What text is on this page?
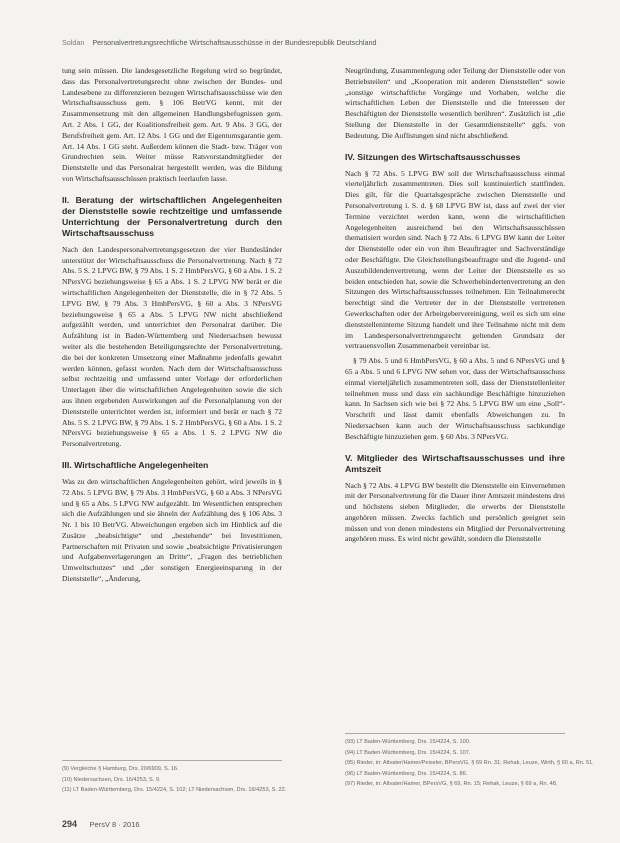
Soldan Personalvertretungsrechtliche Wirtschaftsausschüsse in der Bundesrepublik Deutschland

tung sein müssen. Die landesgesetzliche Regelung wird so begründet, dass das Personalvertretungsrecht ohne zwischen der Bundes- und Landesebene zu differenzieren bezogen Wirtschaftsausschüsse wie den Wirtschaftsausschuss gem. § 106 BetrVG kennt, mit der Zusammensetzung mit den allgemeinen Handlungsbefugnissen gem. Art. 2 Abs. 1 GG, der Koalitionsfreiheit gem. Art. 9 Abs. 3 GG, der Berufsfreiheit gem. Art. 12 Abs. 1 GG und der Eigentumsgarantie gem. Art. 14 Abs. 1 GG steht. Außerdem können die Stadt- bzw. Träger von Grundrechten sein. Weiter müsse Ratsvorstandmitglieder der Dienststelle und das Personalrat hergestellt werden, was die Bildung von Wirtschaftsausschüssen praktisch leerlaufen lasse.

II. Beratung der wirtschaftlichen Angelegenheiten der Dienststelle sowie rechtzeitige und umfassende Unterrichtung der Personalvertretung durch den Wirtschaftsausschuss

Nach den Landespersonalvertretungsgesetzen der vier Bundesländer unterstützt der Wirtschaftsausschuss die Personalvertretung. Nach § 72 Abs. 5 S. 2 LPVG BW, § 79 Abs. 1 S. 2 HmbPersVG, § 60 a Abs. 1 S. 2 NPersVG beziehungsweise § 65 a Abs. 1 S. 2 LPVG NW berät er die wirtschaftlichen Angelegenheiten der Dienststelle, die in § 72 Abs. 5 LPVG BW, § 79 Abs. 3 HmbPersVG, § 60 a Abs. 3 NPersVG beziehungsweise § 65 a Abs. 5 LPVG NW nicht abschließend aufgezählt werden, und unterrichtet den Personalrat darüber. Die Aufzählung ist in Baden-Württemberg und Niedersachsen bewusst weiter als die bestehenden Beteiligungsrechte der Personalvertretung, die bei der konkreten Umsetzung einer Maßnahme jedenfalls gewahrt werden können, gefasst worden. Nach dem der Wirtschaftsausschuss selbst rechtzeitig und umfassend unter Vorlage der erforderlichen Unterlagen über die wirtschaftlichen Angelegenheiten sowie die sich aus ihnen ergebenden Auswirkungen auf die Personalplanung von der Dienststelle unterrichtet werden ist, informiert und berät er nach § 72 Abs. 5 S. 2 LPVG BW, § 79 Abs. 1 S. 2 HmbPersVG, § 60 a Abs. 1 S. 2 NPersVG beziehungsweise § 65 a Abs. 1 S. 2 LPVG NW die Personalvertretung.

III. Wirtschaftliche Angelegenheiten

Was zu den wirtschaftlichen Angelegenheiten gehört, wird jeweils in § 72 Abs. 5 LPVG BW, § 79 Abs. 3 HmbPersVG, § 60 a Abs. 3 NPersVG und § 65 a Abs. 5 LPVG NW aufgezählt. Im Wesentlichen entsprechen sich die Aufzählungen und sie ähneln der Aufzählung des § 106 Abs. 3 Nr. 1 bis 10 BetrVG. Abweichungen ergeben sich im Hinblick auf die Zusätze „beabsichtigte“ und „bestehende“ bei Investitionen, Partnerschaften mit Privaten und sowie „beabsichtigte Privatisierungen und Aufgabenverlagerungen an Dritte“, „Fragen des betrieblichen Umweltschutzes“ und „der sonstigen Energieeinsparung in der Dienststelle“, „Änderung,

(9) Vergleiche § Hamburg, Drs. 20/6909, S. 16.
(10) Niedersachsen, Drs. 16/4253, S. 9.
(11) LT Baden-Württemberg, Drs. 15/4224, S. 102; LT Niedersachsen, Drs. 16/4253, S. 22.

Neugründung, Zusammenlegung oder Teilung der Dienststelle oder von Betriebsteilen“ und „Kooperation mit anderen Dienststellen“ sowie „sonstige wirtschaftliche Vorgänge und Vorhaben, welche die wirtschaftlichen Leben der Dienststelle und die Interessen der Beschäftigten der Dienststelle wesentlich berühren“. Zusätzlich ist „die Stellung der Dienststelle in der Gesamtdienststelle“ ggfs. von Bedeutung. Die Auflistungen sind nicht abschließend.

IV. Sitzungen des Wirtschaftsausschusses

Nach § 72 Abs. 5 LPVG BW soll der Wirtschaftsausschuss einmal vierteljährlich zusammentreten. Dies soll kontinuierlich stattfinden. Dies gilt, für die Quartalsgespräche zwischen Dienststelle und Personalvertretung i. S. d. § 68 LPVG BW ist, dass auf zwei der vier Termine verzichtet werden kann, wenn die wirtschaftlichen Angelegenheiten ausreichend bei den Wirtschaftsausschüssen thematisiert worden sind. Nach § 72 Abs. 6 LPVG BW kann der Leiter der Dienststelle oder ein von ihm Beauftragter und Sachverständige oder Beschäftigte. Die Gleichstellungsbeauftragte und die Jugend- und Auszubildendenvertretung, wenn der Leiter der Dienststelle es so beiden entschieden hat, sowie die Schwerbehindertenvertretung an den Sitzungen des Wirtschaftsausschusses teilnehmen. Ein Teilnahmerecht berechtigt sind die Vertreter der in der Dienststelle vertretenen Gewerkschaften oder der Arbeitgebervereinigung, weil es sich um eine dienststelleninterne Sitzung handelt und ihre Teilnahme nicht mit dem im Landespersonalvertretungsrecht geltenden Grundsatz der vertrauensvollen Zusammenarbeit vereinbar ist.

§ 79 Abs. 5 und 6 HmbPersVG, § 60 a Abs. 5 und 6 NPersVG und § 65 a Abs. 5 und 6 LPVG NW sehen vor, dass der Wirtschaftsausschuss einmal vierteljährlich zusammentreten soll, dass der Dienststellenleiter teilnehmen muss und dass ein sachkundige Beschäftigte hinzuziehen kann. In Sachsen sich wie bei § 72 Abs. 5 LPVG BW um eine „Soll“-Vorschrift und lässt damit ebenfalls Abweichungen zu. In Niedersachsen kann auch der Wirtschaftsausschuss sachkundige Beschäftigte hinzuziehen gem. § 60 Abs. 3 NPersVG.

V. Mitglieder des Wirtschaftsausschusses und ihre Amtszeit

Nach § 72 Abs. 4 LPVG BW bestellt die Dienststelle ein Einvernehmen mit der Personalvertretung für die Dauer ihrer Amtszeit mindestens drei und höchstens sieben Mitglieder, die erwerbs der Dienststelle angehören müssen. Zwecks fachlich und persönlich geeignet sein müssen und von denen mindestens ein Mitglied der Personalvertretung angehören muss. Es wird nicht gewählt, sondern die Dienststelle

(93) LT Baden-Württemberg, Drs. 15/4224, S. 100.
(94) LT Baden-Württemberg, Drs. 15/4224, S. 107.
(95) Rieder, in: Altvater/Hamer/Peiseler, BPersVG, § 69 Rn. 31; Rehak, Leuze, Wirth, § 60 a, Rn. 51.
(96) LT Baden-Württemberg, Drs. 15/4224, S. 86.
(97) Rieder, in: Altvater/Hamer, BPersVG, § 69, Rn. 15; Rehak, Leuze, § 69 a, Rn. 48.
294 PersV 8 · 2016
